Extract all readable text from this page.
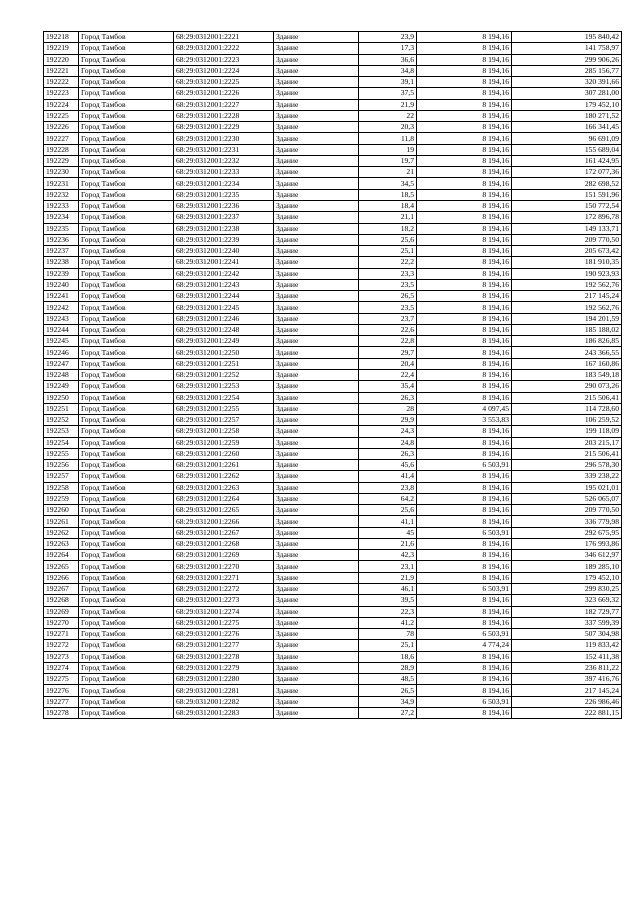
192218	Город Тамбов	68:29:0312001:2221	Здание	23,9	8 194,16	195 840,42
192219	Город Тамбов	68:29:0312001:2222	Здание	17,3	8 194,16	141 758,97
192220	Город Тамбов	68:29:0312001:2223	Здание	36,6	8 194,16	299 906,26
192221	Город Тамбов	68:29:0312001:2224	Здание	34,8	8 194,16	285 156,77
192222	Город Тамбов	68:29:0312001:2225	Здание	39,1	8 194,16	320 391,66
192223	Город Тамбов	68:29:0312001:2226	Здание	37,5	8 194,16	307 281,00
192224	Город Тамбов	68:29:0312001:2227	Здание	21,9	8 194,16	179 452,10
192225	Город Тамбов	68:29:0312001:2228	Здание	22	8 194,16	180 271,52
192226	Город Тамбов	68:29:0312001:2229	Здание	20,3	8 194,16	166 341,45
192227	Город Тамбов	68:29:0312001:2230	Здание	11,8	8 194,16	96 691,09
192228	Город Тамбов	68:29:0312001:2231	Здание	19	8 194,16	155 689,04
192229	Город Тамбов	68:29:0312001:2232	Здание	19,7	8 194,16	161 424,95
192230	Город Тамбов	68:29:0312001:2233	Здание	21	8 194,16	172 077,36
192231	Город Тамбов	68:29:0312001:2234	Здание	34,5	8 194,16	282 698,52
192232	Город Тамбов	68:29:0312001:2235	Здание	18,5	8 194,16	151 591,96
192233	Город Тамбов	68:29:0312001:2236	Здание	18,4	8 194,16	150 772,54
192234	Город Тамбов	68:29:0312001:2237	Здание	21,1	8 194,16	172 896,78
192235	Город Тамбов	68:29:0312001:2238	Здание	18,2	8 194,16	149 133,71
192236	Город Тамбов	68:29:0312001:2239	Здание	25,6	8 194,16	209 770,50
192237	Город Тамбов	68:29:0312001:2240	Здание	25,1	8 194,16	205 673,42
192238	Город Тамбов	68:29:0312001:2241	Здание	22,2	8 194,16	181 910,35
192239	Город Тамбов	68:29:0312001:2242	Здание	23,3	8 194,16	190 923,93
192240	Город Тамбов	68:29:0312001:2243	Здание	23,5	8 194,16	192 562,76
192241	Город Тамбов	68:29:0312001:2244	Здание	26,5	8 194,16	217 145,24
192242	Город Тамбов	68:29:0312001:2245	Здание	23,5	8 194,16	192 562,76
192243	Город Тамбов	68:29:0312001:2246	Здание	23,7	8 194,16	194 201,59
192244	Город Тамбов	68:29:0312001:2248	Здание	22,6	8 194,16	185 188,02
192245	Город Тамбов	68:29:0312001:2249	Здание	22,8	8 194,16	186 826,85
192246	Город Тамбов	68:29:0312001:2250	Здание	29,7	8 194,16	243 366,55
192247	Город Тамбов	68:29:0312001:2251	Здание	20,4	8 194,16	167 160,86
192248	Город Тамбов	68:29:0312001:2252	Здание	22,4	8 194,16	183 549,18
192249	Город Тамбов	68:29:0312001:2253	Здание	35,4	8 194,16	290 073,26
192250	Город Тамбов	68:29:0312001:2254	Здание	26,3	8 194,16	215 506,41
192251	Город Тамбов	68:29:0312001:2255	Здание	28	4 097,45	114 728,60
192252	Город Тамбов	68:29:0312001:2257	Здание	29,9	3 553,83	106 259,52
192253	Город Тамбов	68:29:0312001:2258	Здание	24,3	8 194,16	199 118,09
192254	Город Тамбов	68:29:0312001:2259	Здание	24,8	8 194,16	203 215,17
192255	Город Тамбов	68:29:0312001:2260	Здание	26,3	8 194,16	215 506,41
192256	Город Тамбов	68:29:0312001:2261	Здание	45,6	6 503,91	296 578,30
192257	Город Тамбов	68:29:0312001:2262	Здание	41,4	8 194,16	339 238,22
192258	Город Тамбов	68:29:0312001:2263	Здание	23,8	8 194,16	195 021,01
192259	Город Тамбов	68:29:0312001:2264	Здание	64,2	8 194,16	526 065,07
192260	Город Тамбов	68:29:0312001:2265	Здание	25,6	8 194,16	209 770,50
192261	Город Тамбов	68:29:0312001:2266	Здание	41,1	8 194,16	336 779,98
192262	Город Тамбов	68:29:0312001:2267	Здание	45	6 503,91	292 675,95
192263	Город Тамбов	68:29:0312001:2268	Здание	21,6	8 194,16	176 993,86
192264	Город Тамбов	68:29:0312001:2269	Здание	42,3	8 194,16	346 612,97
192265	Город Тамбов	68:29:0312001:2270	Здание	23,1	8 194,16	189 285,10
192266	Город Тамбов	68:29:0312001:2271	Здание	21,9	8 194,16	179 452,10
192267	Город Тамбов	68:29:0312001:2272	Здание	46,1	6 503,91	299 830,25
192268	Город Тамбов	68:29:0312001:2273	Здание	39,5	8 194,16	323 669,32
192269	Город Тамбов	68:29:0312001:2274	Здание	22,3	8 194,16	182 729,77
192270	Город Тамбов	68:29:0312001:2275	Здание	41,2	8 194,16	337 599,39
192271	Город Тамбов	68:29:0312001:2276	Здание	78	6 503,91	507 304,98
192272	Город Тамбов	68:29:0312001:2277	Здание	25,1	4 774,24	119 833,42
192273	Город Тамбов	68:29:0312001:2278	Здание	18,6	8 194,16	152 411,38
192274	Город Тамбов	68:29:0312001:2279	Здание	28,9	8 194,16	236 811,22
192275	Город Тамбов	68:29:0312001:2280	Здание	48,5	8 194,16	397 416,76
192276	Город Тамбов	68:29:0312001:2281	Здание	26,5	8 194,16	217 145,24
192277	Город Тамбов	68:29:0312001:2282	Здание	34,9	6 503,91	226 986,46
192278	Город Тамбов	68:29:0312001:2283	Здание	27,2	8 194,16	222 881,15
